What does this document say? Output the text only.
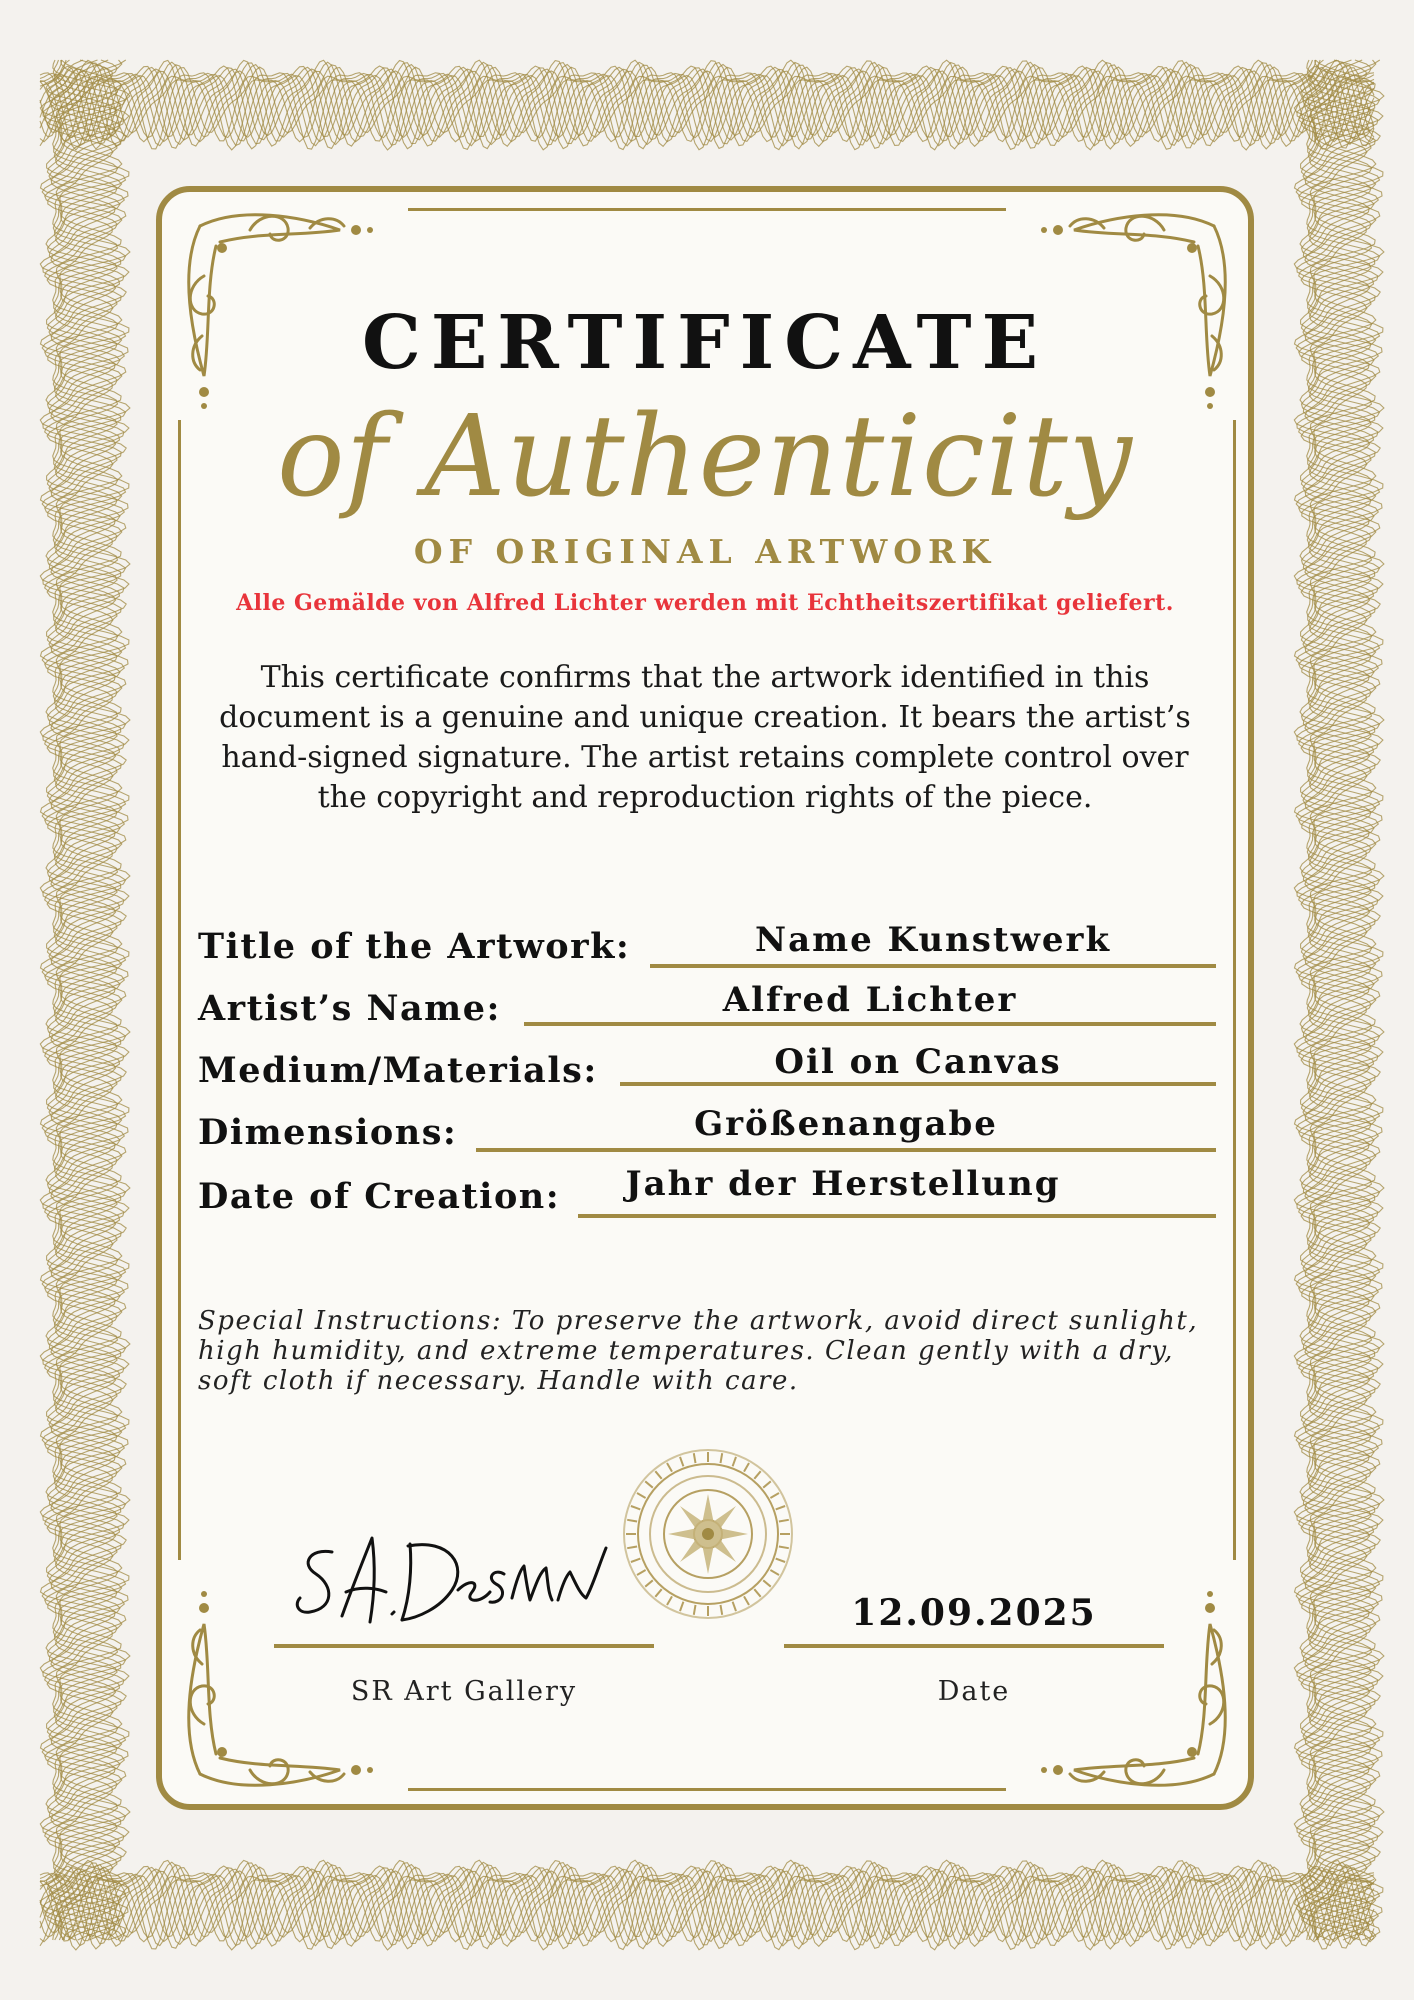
CERTIFICATE
of Authenticity
OF ORIGINAL ARTWORK
Alle Gemälde von Alfred Lichter werden mit Echtheitszertifikat geliefert.
This certificate confirms that the artwork identified in this document is a genuine and unique creation. It bears the artist’s hand-signed signature. The artist retains complete control over the copyright and reproduction rights of the piece.
Title of the Artwork:	Name Kunstwerk
Artist’s Name:	Alfred Lichter
Medium/Materials:	Oil on Canvas
Dimensions:	Größenangabe
Date of Creation:	Jahr der Herstellung
Special Instructions: To preserve the artwork, avoid direct sunlight, high humidity, and extreme temperatures. Clean gently with a dry, soft cloth if necessary. Handle with care.
12.09.2025
SR Art Gallery	Date
